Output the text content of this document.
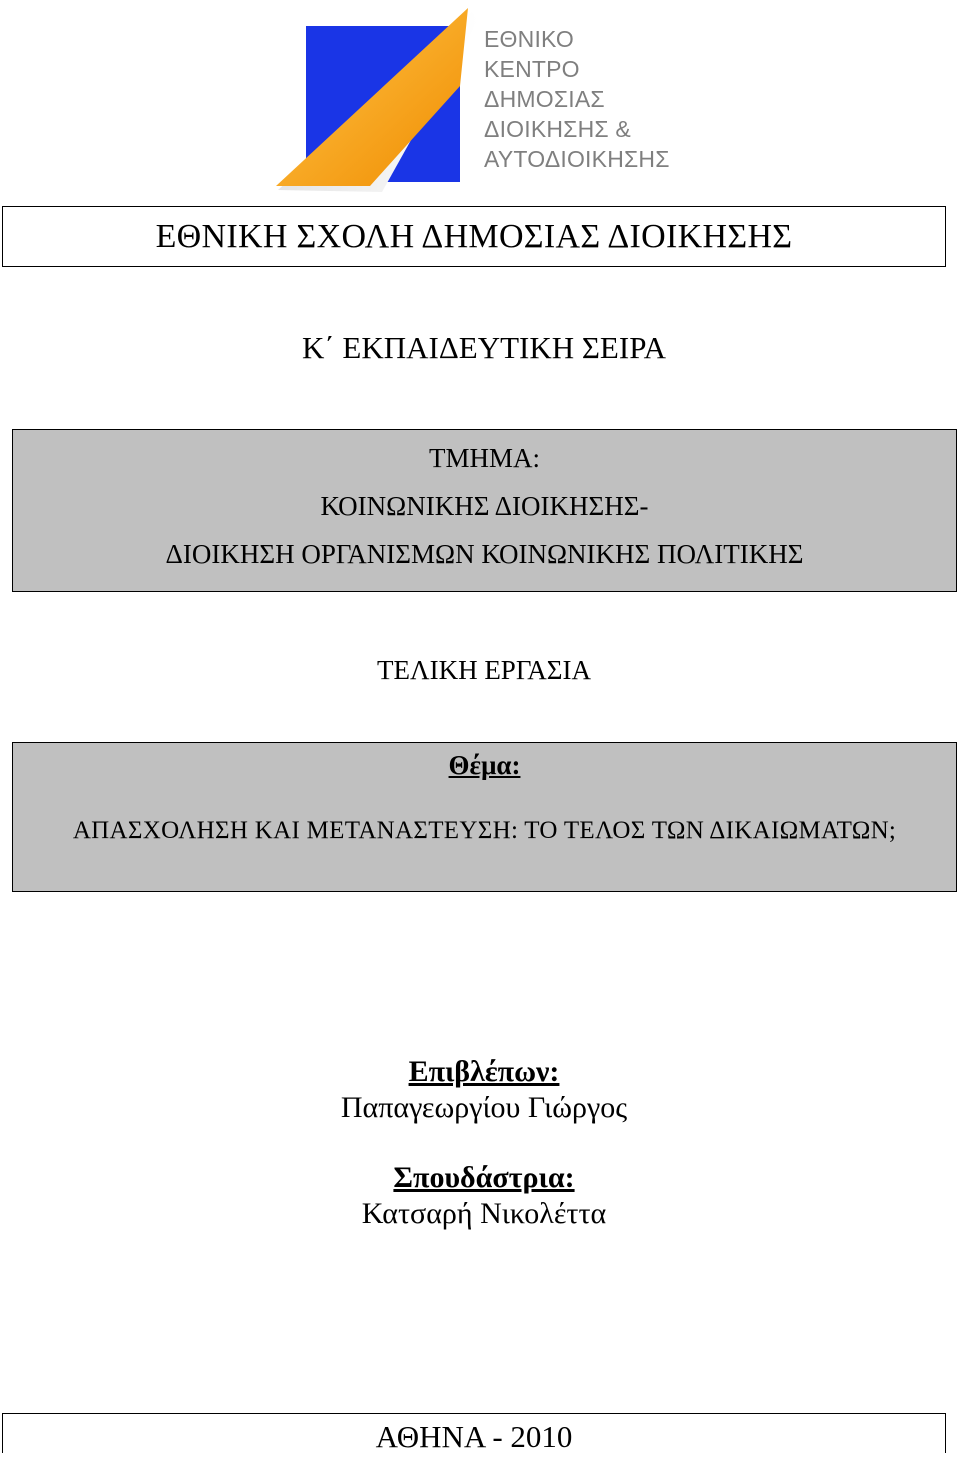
ΕΘΝΙΚΟ
ΚΕΝΤΡΟ
ΔΗΜΟΣΙΑΣ
ΔΙΟΙΚΗΣΗΣ &
ΑΥΤΟΔΙΟΙΚΗΣΗΣ
ΕΘΝΙΚΗ ΣΧΟΛΗ ΔΗΜΟΣΙΑΣ ΔΙΟΙΚΗΣΗΣ
Κ΄ ΕΚΠΑΙΔΕΥΤΙΚΗ ΣΕΙΡΑ
ΤΜΗΜΑ:
ΚΟΙΝΩΝΙΚΗΣ ΔΙΟΙΚΗΣΗΣ-
ΔΙΟΙΚΗΣΗ ΟΡΓΑΝΙΣΜΩΝ ΚΟΙΝΩΝΙΚΗΣ ΠΟΛΙΤΙΚΗΣ
ΤΕΛΙΚΗ ΕΡΓΑΣΙΑ
Θέμα:
ΑΠΑΣΧΟΛΗΣΗ ΚΑΙ ΜΕΤΑΝΑΣΤΕΥΣΗ: ΤΟ ΤΕΛΟΣ ΤΩΝ ΔΙΚΑΙΩΜΑΤΩΝ;
Επιβλέπων:
Παπαγεωργίου Γιώργος
Σπουδάστρια:
Κατσαρή Νικολέττα
ΑΘΗΝΑ - 2010
